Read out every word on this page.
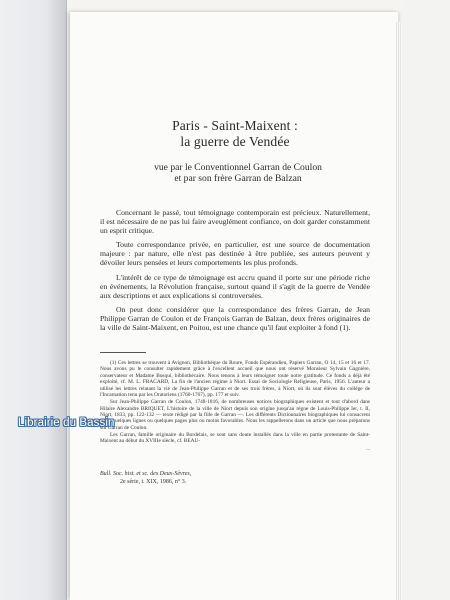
Paris - Saint-Maixent :
la guerre de Vendée
vue par le Conventionnel Garran de Coulon
et par son frère Garran de Balzan

Concernant le passé, tout témoignage contemporain est précieux. Naturellement, il est nécessaire de ne pas lui faire aveuglément confiance, on doit garder constamment un esprit critique.

Toute correspondance privée, en particulier, est une source de documentation majeure : par nature, elle n'est pas destinée à être publiée, ses auteurs peuvent y dévoiler leurs pensées et leurs comportements les plus profonds.

L'intérêt de ce type de témoignage est accru quand il porte sur une période riche en événements, la Révolution française, surtout quand il s'agit de la guerre de Vendée aux descriptions et aux explications si controversées.

On peut donc considérer que la correspondance des frères Garran, de Jean Philippe Garran de Coulon et de François Garran de Balzan, deux frères originaires de la ville de Saint-Maixent, en Poitou, est une chance qu'il faut exploiter à fond (1).

(1) Ces lettres se trouvent à Avignon, Bibliothèque du Roure, Fonds Espérandieu, Papiers Garran, O 14, 15 et 16 et 17. Nous avons pu le consulter rapidement grâce à l'excellent accueil que nous ont réservé Monsieur Sylvain Gagnière, conservateur et Madame Bosqui, bibliothécaire. Nous tenons à leurs témoigner toute notre gratitude. Ce fonds a déjà été exploité, cf. M. L. FRACARD, La fin de l'ancien régime à Niort. Essai de Sociologie Religieuse, Paris, 1956. L'auteur a utilisé les lettres relatant la vie de Jean-Philippe Garran et de ses trois frères, à Niort, où ils sont élèves du collège de l'Incarnation tenu par les Oratoriens (1760-1767), pp. 177 et suiv.

Sur Jean-Philippe Garran de Coulon, 1748-1816, de nombreuses notices biographiques existent et tout d'abord dans Hilaire Alexandre BRIQUET, L'histoire de la ville de Niort depuis son origine jusqu'au règne de Louis-Philippe Ier, t. II, Niort, 1833, pp. 122-132 — texte rédigé par la fille de Garran —. Les différents Dictionnaires biographiques lui consacrent aussi quelques lignes ou quelques pages plus ou moins favorables. Nous les rappellerons dans un article que nous préparons sur Garran de Coulon.

Les Garran, famille originaire du Bordelais, se sont sans doute installés dans la ville en partie protestante de Saint-Maixent au début du XVIIIe siècle, cf. BEAU-

...
Bull. Soc. hist. et sc. des Deux-Sèvres,
2e série, t. XIX, 1986, n° 3.
Librairie du Bassin
